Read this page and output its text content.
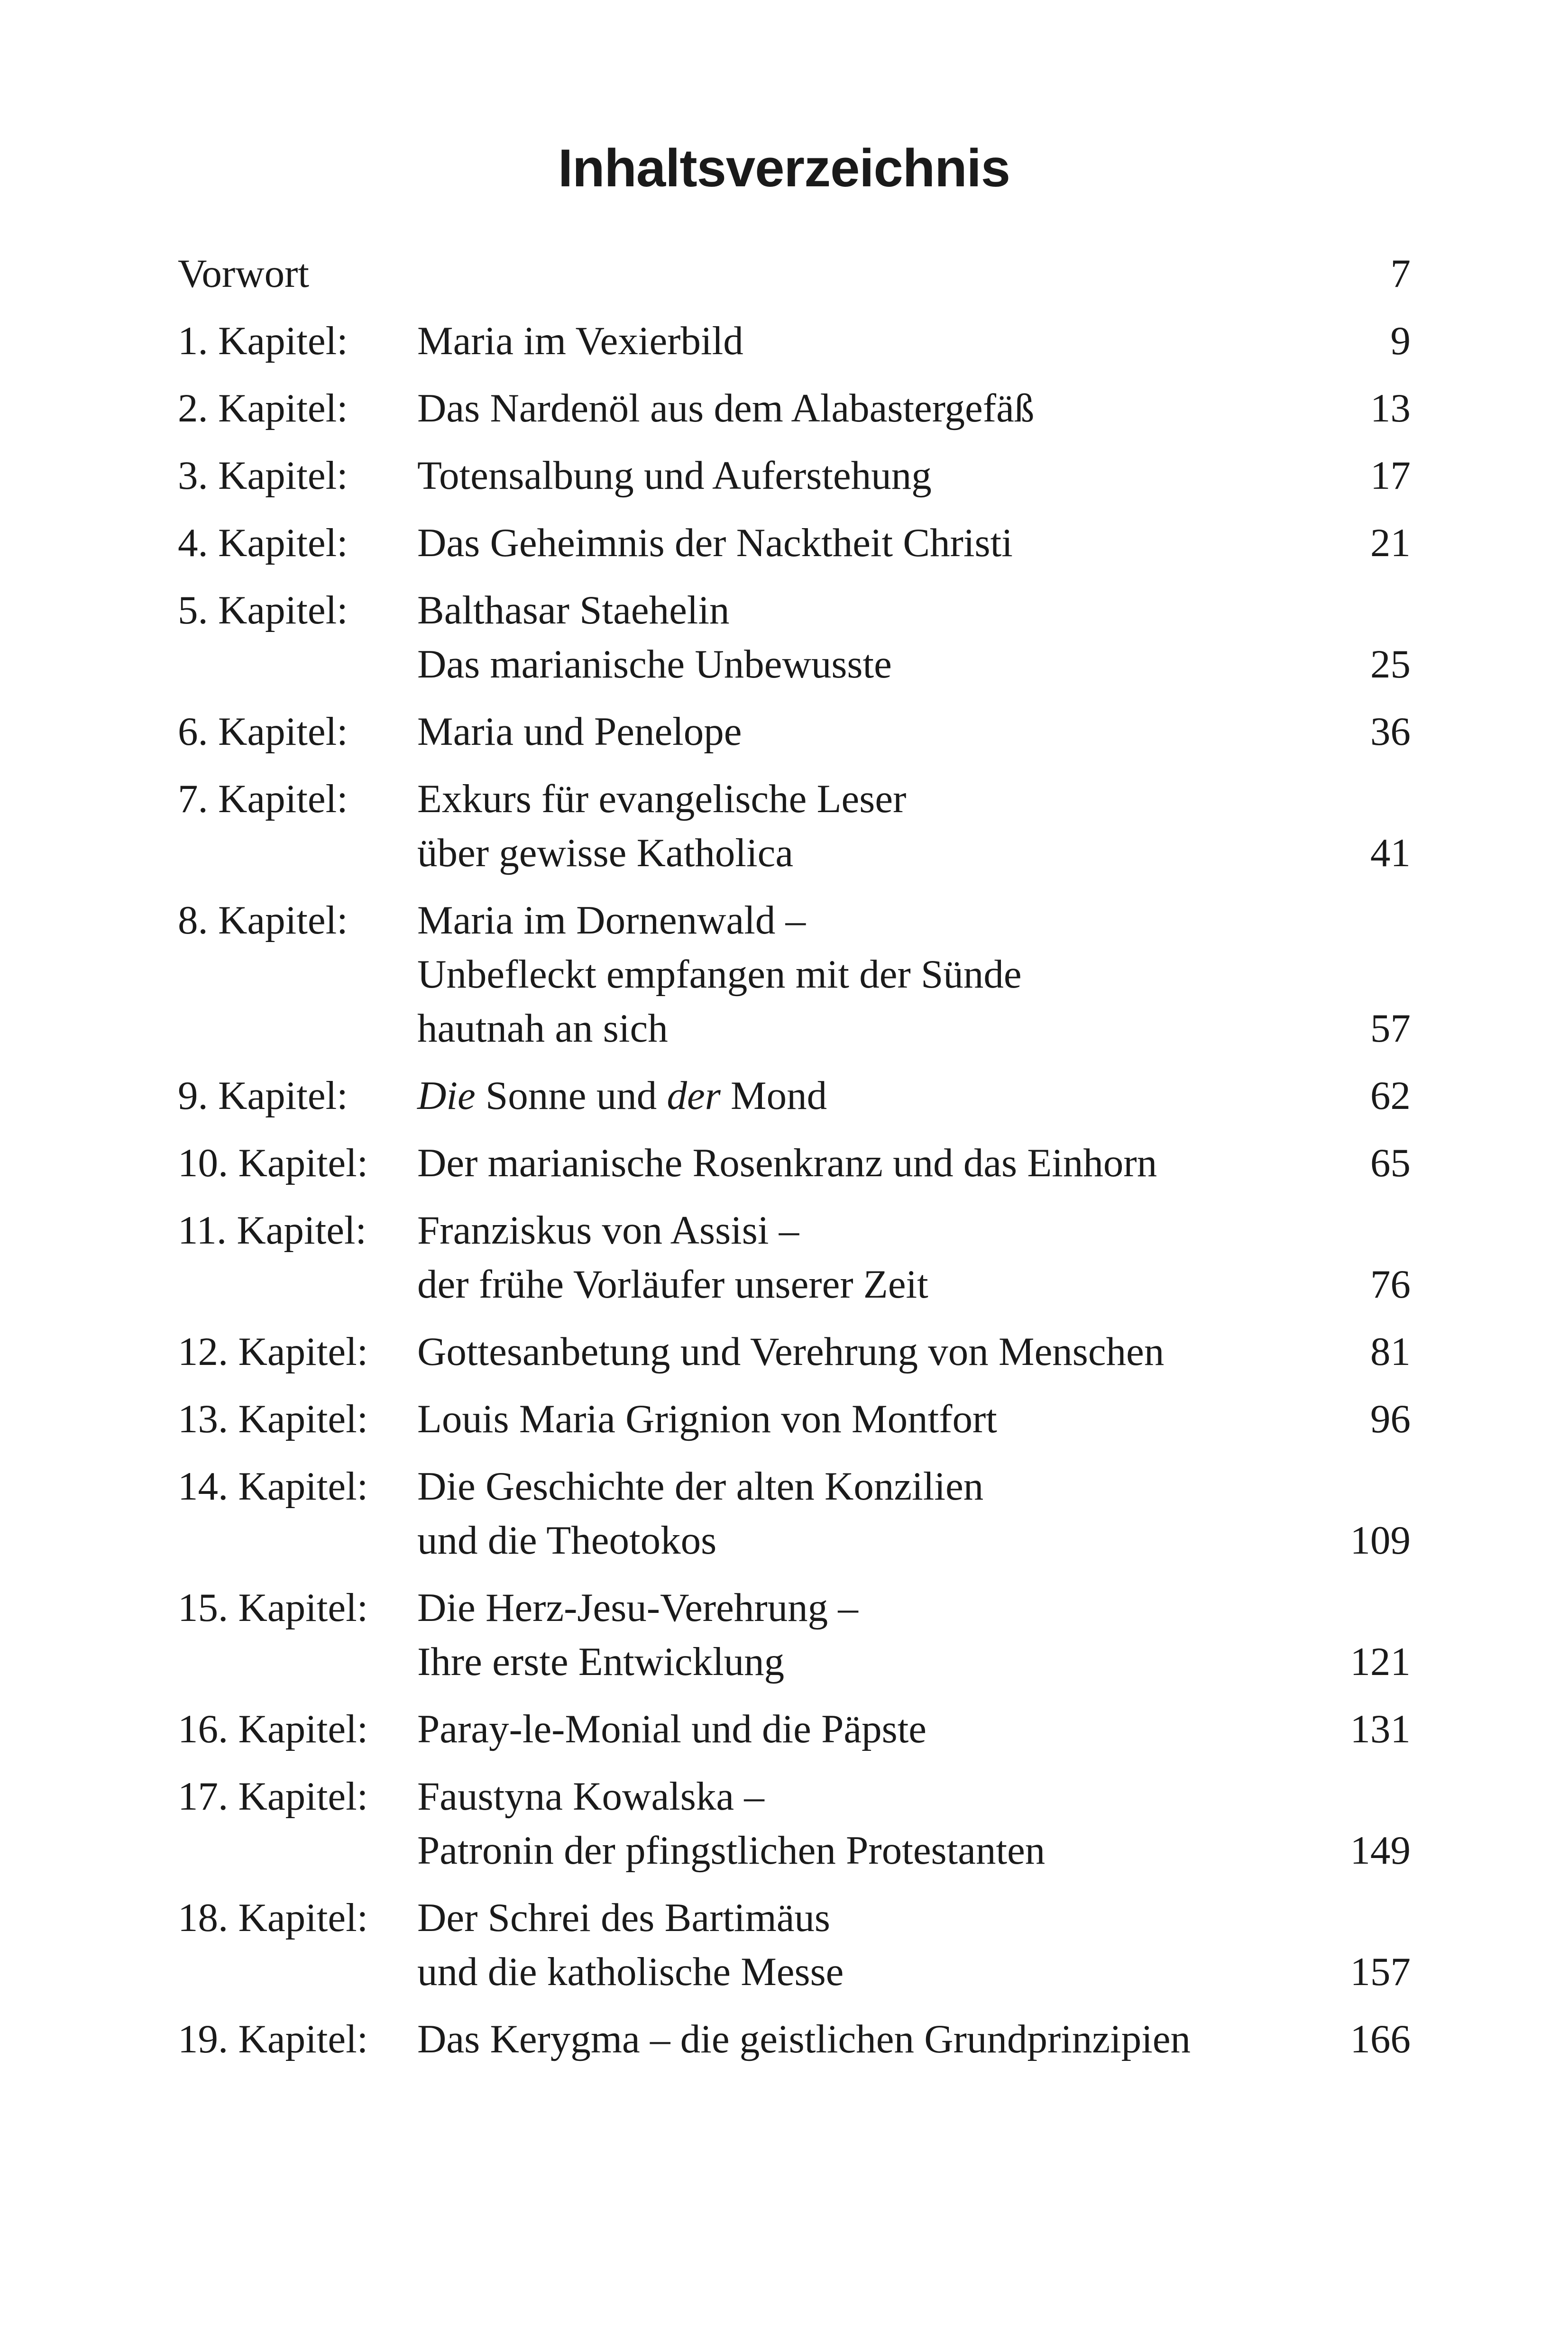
Inhaltsverzeichnis
Vorwort	7
1. Kapitel:	Maria im Vexierbild	9
2. Kapitel:	Das Nardenöl aus dem Alabastergefäß	13
3. Kapitel:	Totensalbung und Auferstehung	17
4. Kapitel:	Das Geheimnis der Nacktheit Christi	21
5. Kapitel:	Balthasar Staehelin
Das marianische Unbewusste	25
6. Kapitel:	Maria und Penelope	36
7. Kapitel:	Exkurs für evangelische Leser
über gewisse Katholica	41
8. Kapitel:	Maria im Dornenwald –
Unbefleckt empfangen mit der Sünde
hautnah an sich	57
9. Kapitel:	Die Sonne und der Mond	62
10. Kapitel:	Der marianische Rosenkranz und das Einhorn	65
11. Kapitel:	Franziskus von Assisi –
der frühe Vorläufer unserer Zeit	76
12. Kapitel:	Gottesanbetung und Verehrung von Menschen	81
13. Kapitel:	Louis Maria Grignion von Montfort	96
14. Kapitel:	Die Geschichte der alten Konzilien
und die Theotokos	109
15. Kapitel:	Die Herz-Jesu-Verehrung –
Ihre erste Entwicklung	121
16. Kapitel:	Paray-le-Monial und die Päpste	131
17. Kapitel:	Faustyna Kowalska –
Patronin der pfingstlichen Protestanten	149
18. Kapitel:	Der Schrei des Bartimäus
und die katholische Messe	157
19. Kapitel:	Das Kerygma – die geistlichen Grundprinzipien	166
